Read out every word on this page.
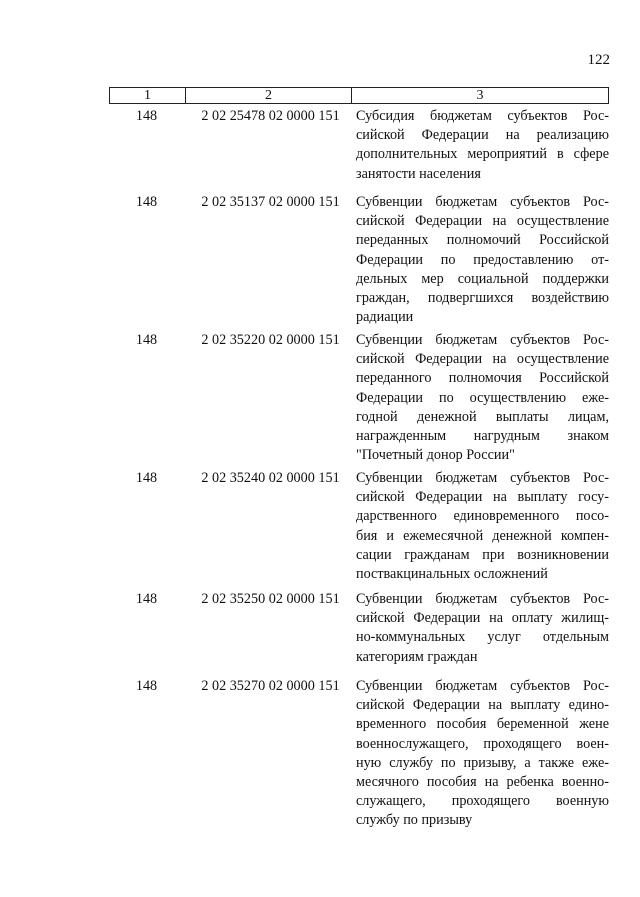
122
1	2	3
148	2 02 25478 02 0000 151	Субсидия бюджетам субъектов Рос-
сийской Федерации на реализацию
дополнительных мероприятий в сфере
занятости населения
148	2 02 35137 02 0000 151	Субвенции бюджетам субъектов Рос-
сийской Федерации на осуществление
переданных полномочий Российской
Федерации по предоставлению от-
дельных мер социальной поддержки
граждан, подвергшихся воздействию
радиации
148	2 02 35220 02 0000 151	Субвенции бюджетам субъектов Рос-
сийской Федерации на осуществление
переданного полномочия Российской
Федерации по осуществлению еже-
годной денежной выплаты лицам,
награжденным нагрудным знаком
"Почетный донор России"
148	2 02 35240 02 0000 151	Субвенции бюджетам субъектов Рос-
сийской Федерации на выплату госу-
дарственного единовременного посо-
бия и ежемесячной денежной компен-
сации гражданам при возникновении
поствакцинальных осложнений
148	2 02 35250 02 0000 151	Субвенции бюджетам субъектов Рос-
сийской Федерации на оплату жилищ-
но-коммунальных услуг отдельным
категориям граждан
148	2 02 35270 02 0000 151	Субвенции бюджетам субъектов Рос-
сийской Федерации на выплату едино-
временного пособия беременной жене
военнослужащего, проходящего воен-
ную службу по призыву, а также еже-
месячного пособия на ребенка военно-
служащего, проходящего военную
службу по призыву
